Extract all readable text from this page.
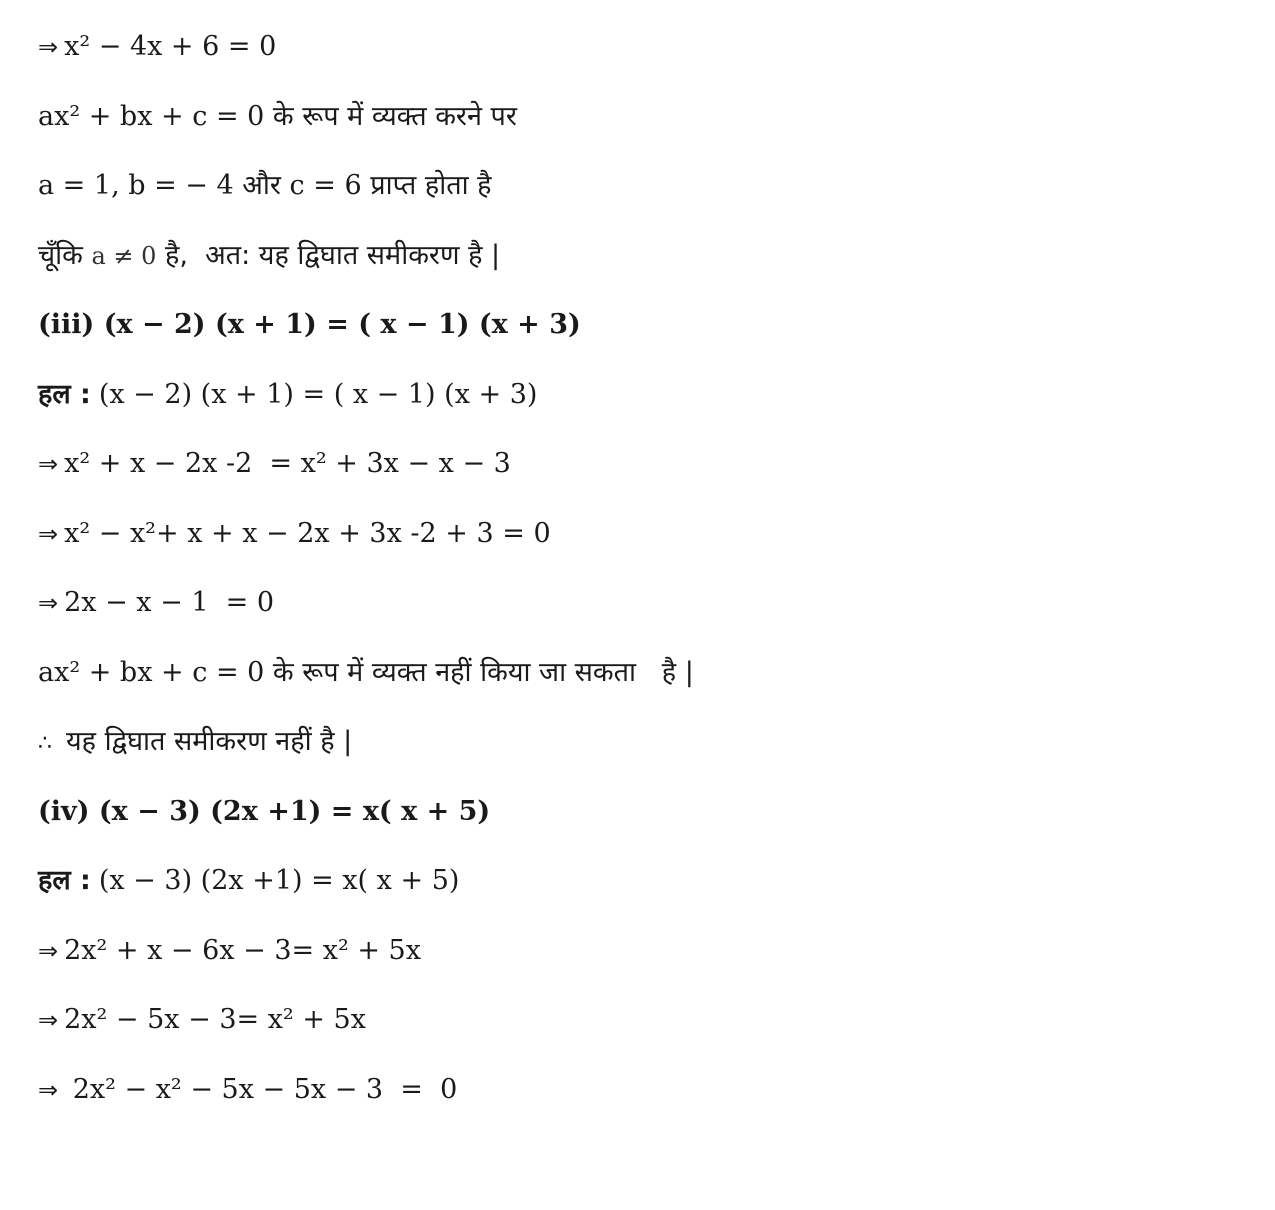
⇒ x² − 4x + 6 = 0
ax² + bx + c = 0 के रूप में व्यक्त करने पर
a = 1, b = − 4 और c = 6 प्राप्त होता है
चूँकि a ≠ 0 है,  अत: यह द्विघात समीकरण है |
(iii) (x − 2) (x + 1) = ( x − 1) (x + 3)
हल : (x − 2) (x + 1) = ( x − 1) (x + 3)
⇒ x² + x − 2x -2  = x² + 3x − x − 3
⇒ x² − x²+ x + x − 2x + 3x -2 + 3 = 0
⇒ 2x − x − 1  = 0
ax² + bx + c = 0 के रूप में व्यक्त नहीं किया जा सकता   है |
∴ यह द्विघात समीकरण नहीं है |
(iv) (x − 3) (2x +1) = x( x + 5)
हल : (x − 3) (2x +1) = x( x + 5)
⇒ 2x² + x − 6x − 3= x² + 5x
⇒ 2x² − 5x − 3= x² + 5x
⇒ 2x² − x² − 5x − 5x − 3  =  0
